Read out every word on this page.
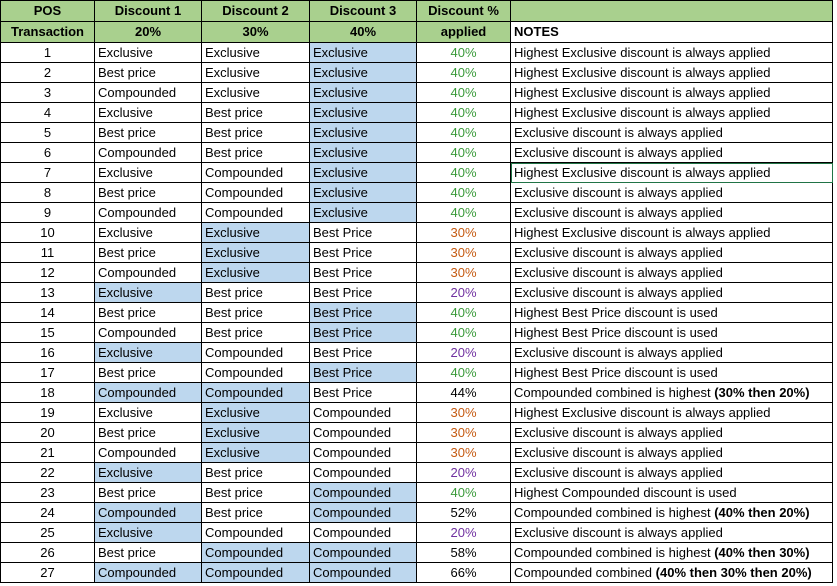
POS	Discount 1	Discount 2	Discount 3	Discount %	
Transaction	20%	30%	40%	applied	NOTES
1	Exclusive	Exclusive	Exclusive	40%	Highest Exclusive discount is always applied
2	Best price	Exclusive	Exclusive	40%	Highest Exclusive discount is always applied
3	Compounded	Exclusive	Exclusive	40%	Highest Exclusive discount is always applied
4	Exclusive	Best price	Exclusive	40%	Highest Exclusive discount is always applied
5	Best price	Best price	Exclusive	40%	Exclusive discount is always applied
6	Compounded	Best price	Exclusive	40%	Exclusive discount is always applied
7	Exclusive	Compounded	Exclusive	40%	Highest Exclusive discount is always applied
8	Best price	Compounded	Exclusive	40%	Exclusive discount is always applied
9	Compounded	Compounded	Exclusive	40%	Exclusive discount is always applied
10	Exclusive	Exclusive	Best Price	30%	Highest Exclusive discount is always applied
11	Best price	Exclusive	Best Price	30%	Exclusive discount is always applied
12	Compounded	Exclusive	Best Price	30%	Exclusive discount is always applied
13	Exclusive	Best price	Best Price	20%	Exclusive discount is always applied
14	Best price	Best price	Best Price	40%	Highest Best Price discount is used
15	Compounded	Best price	Best Price	40%	Highest Best Price discount is used
16	Exclusive	Compounded	Best Price	20%	Exclusive discount is always applied
17	Best price	Compounded	Best Price	40%	Highest Best Price discount is used
18	Compounded	Compounded	Best Price	44%	Compounded combined is highest (30% then 20%)
19	Exclusive	Exclusive	Compounded	30%	Highest Exclusive discount is always applied
20	Best price	Exclusive	Compounded	30%	Exclusive discount is always applied
21	Compounded	Exclusive	Compounded	30%	Exclusive discount is always applied
22	Exclusive	Best price	Compounded	20%	Exclusive discount is always applied
23	Best price	Best price	Compounded	40%	Highest Compounded discount is used
24	Compounded	Best price	Compounded	52%	Compounded combined is highest (40% then 20%)
25	Exclusive	Compounded	Compounded	20%	Exclusive discount is always applied
26	Best price	Compounded	Compounded	58%	Compounded combined is highest (40% then 30%)
27	Compounded	Compounded	Compounded	66%	Compounded combined (40% then 30% then 20%)
